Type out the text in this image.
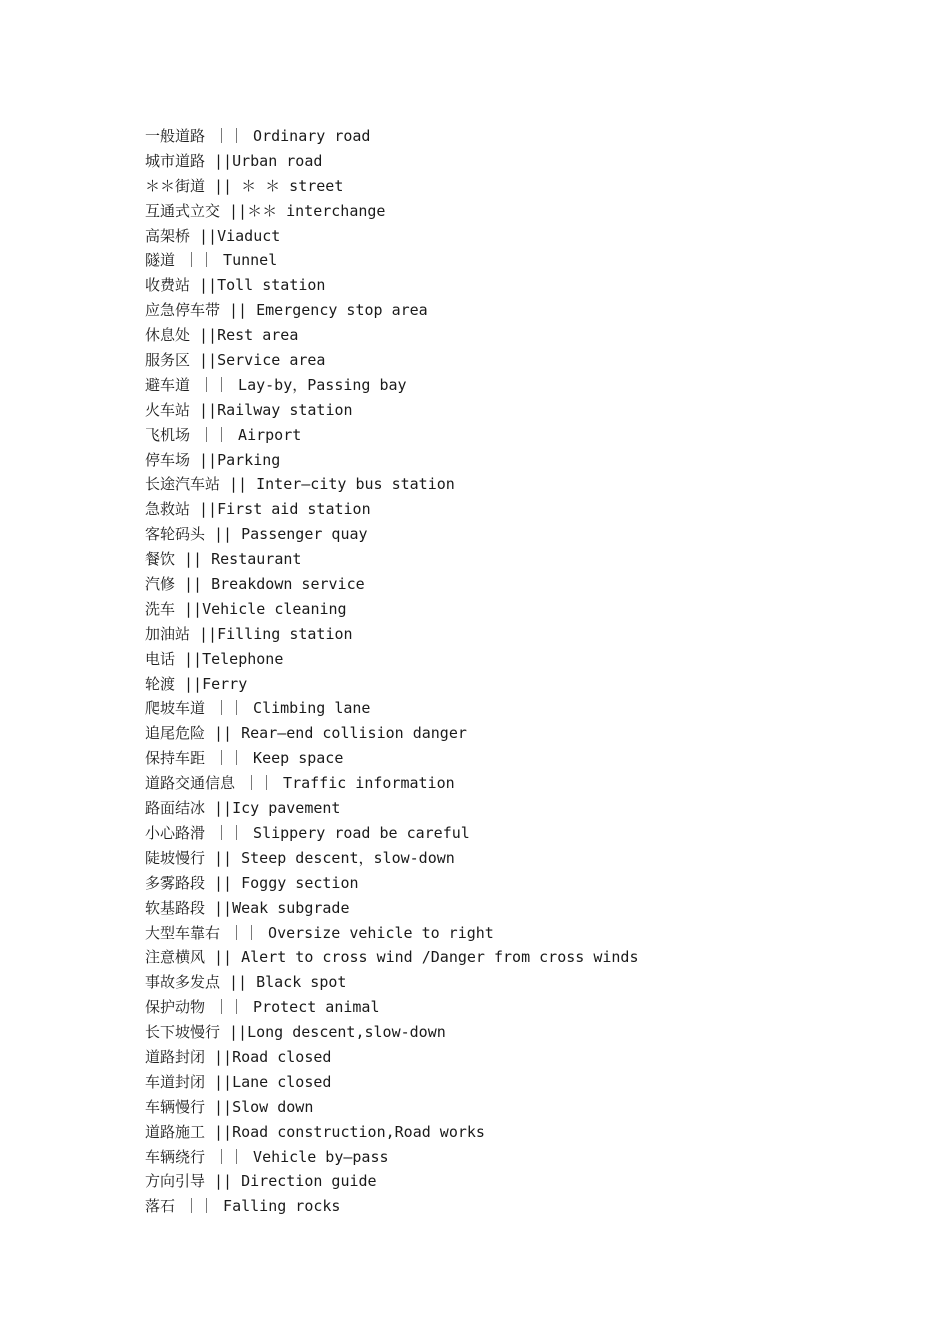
一般道路 ｜｜ Ordinary road
城市道路 ||Urban road
＊＊街道 || ＊ ＊ street
互通式立交 ||＊＊ interchange
高架桥 ||Viaduct
隧道 ｜｜ Tunnel
收费站 ||Toll station
应急停车带 || Emergency stop area
休息处 ||Rest area
服务区 ||Service area
避车道 ｜｜ Lay-by，Passing bay
火车站 ||Railway station
飞机场 ｜｜ Airport
停车场 ||Parking
长途汽车站 || Inter—city bus station
急救站 ||First aid station
客轮码头 || Passenger quay
餐饮 || Restaurant
汽修 || Breakdown service
洗车 ||Vehicle cleaning
加油站 ||Filling station
电话 ||Telephone
轮渡 ||Ferry
爬坡车道 ｜｜ Climbing lane
追尾危险 || Rear—end collision danger
保持车距 ｜｜ Keep space
道路交通信息 ｜｜ Traffic information
路面结冰 ||Icy pavement
小心路滑 ｜｜ Slippery road be careful
陡坡慢行 || Steep descent，slow-down
多雾路段 || Foggy section
软基路段 ||Weak subgrade
大型车靠右 ｜｜ Oversize vehicle to right
注意横风 || Alert to cross wind /Danger from cross winds
事故多发点 || Black spot
保护动物 ｜｜ Protect animal
长下坡慢行 ||Long descent,slow-down
道路封闭 ||Road closed
车道封闭 ||Lane closed
车辆慢行 ||Slow down
道路施工 ||Road construction,Road works
车辆绕行 ｜｜ Vehicle by—pass
方向引导 || Direction guide
落石 ｜｜ Falling rocks
